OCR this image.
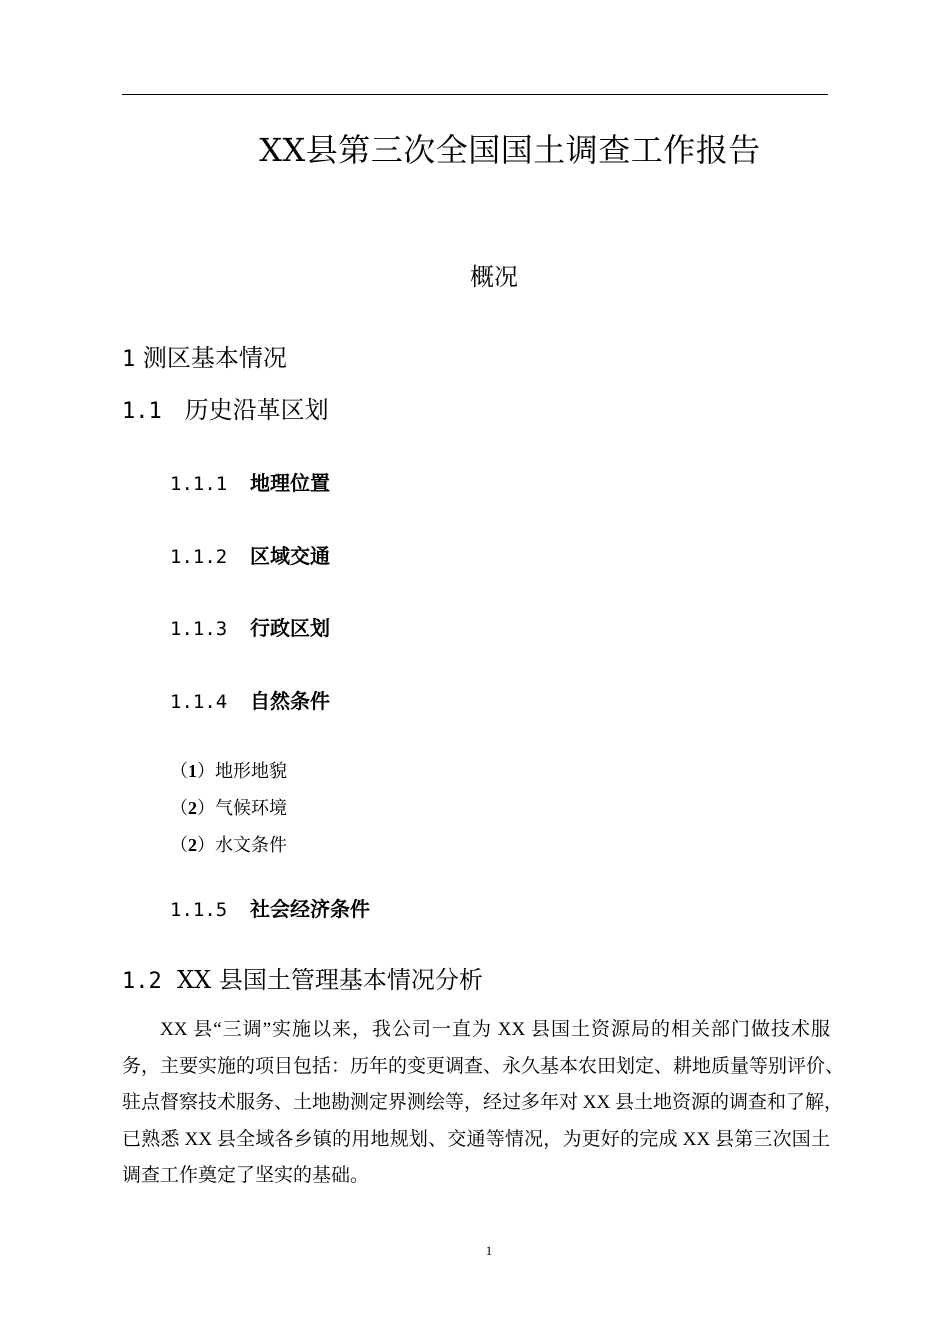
XX县第三次全国国土调查工作报告
概况
1 测区基本情况
1.1 历史沿革区划
1.1.1 地理位置
1.1.2 区域交通
1.1.3 行政区划
1.1.4 自然条件
（1）地形地貌
（2）气候环境
（2）水文条件
1.1.5 社会经济条件
1.2 XX 县国土管理基本情况分析
XX 县“三调”实施以来，我公司一直为 XX 县国土资源局的相关部门做技术服
务，主要实施的项目包括：历年的变更调查、永久基本农田划定、耕地质量等别评价、
驻点督察技术服务、土地勘测定界测绘等，经过多年对 XX 县土地资源的调查和了解，
已熟悉 XX 县全域各乡镇的用地规划、交通等情况，为更好的完成 XX 县第三次国土
调查工作奠定了坚实的基础。
1
